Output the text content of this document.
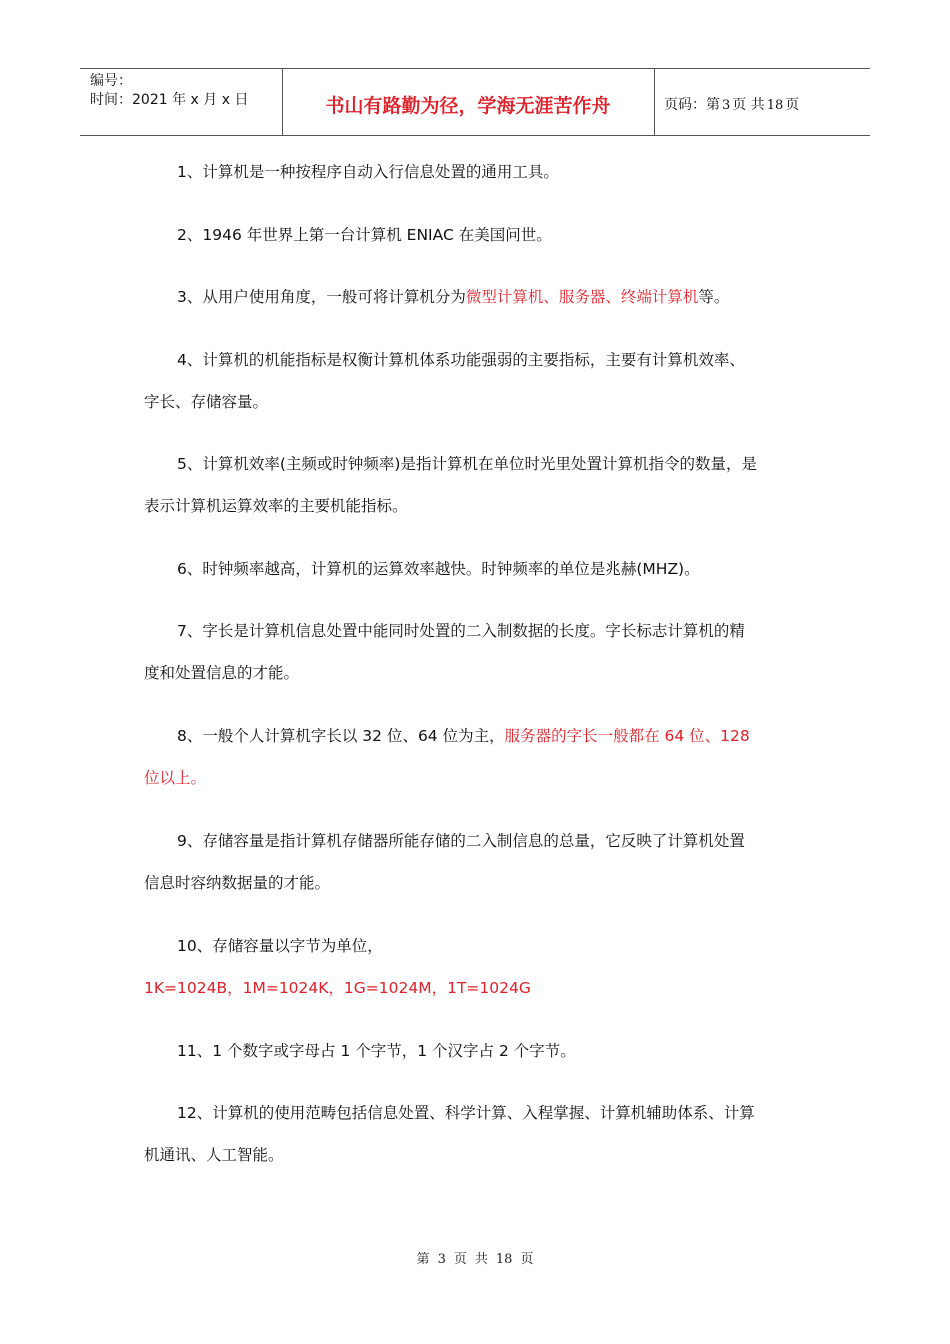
编号：
时间：2021 年 x 月 x 日	书山有路勤为径，学海无涯苦作舟	页码：第 3 页 共 18 页
1、计算机是一种按程序自动入行信息处置的通用工具。
2、1946 年世界上第一台计算机 ENIAC 在美国问世。
3、从用户使用角度，一般可将计算机分为微型计算机、服务器、终端计算机等。
4、计算机的机能指标是权衡计算机体系功能强弱的主要指标，主要有计算机效率、
字长、存储容量。
5、计算机效率(主频或时钟频率)是指计算机在单位时光里处置计算机指令的数量，是
表示计算机运算效率的主要机能指标。
6、时钟频率越高，计算机的运算效率越快。时钟频率的单位是兆赫(MHZ)。
7、字长是计算机信息处置中能同时处置的二入制数据的长度。字长标志计算机的精
度和处置信息的才能。
8、一般个人计算机字长以 32 位、64 位为主，服务器的字长一般都在 64 位、128
位以上。
9、存储容量是指计算机存储器所能存储的二入制信息的总量，它反映了计算机处置
信息时容纳数据量的才能。
10、存储容量以字节为单位，
1K=1024B，1M=1024K，1G=1024M，1T=1024G
11、1 个数字或字母占 1 个字节，1 个汉字占 2 个字节。
12、计算机的使用范畴包括信息处置、科学计算、入程掌握、计算机辅助体系、计算
机通讯、人工智能。
第 3 页 共 18 页
